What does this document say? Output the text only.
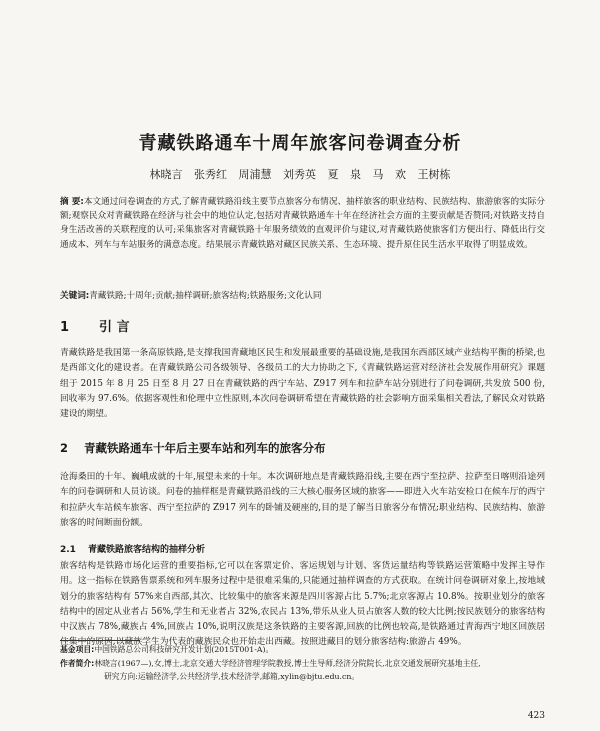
青藏铁路通车十周年旅客问卷调查分析
林晓言 张秀红 周浦慧 刘秀英 夏 泉 马 欢 王树栋
摘 要:本文通过问卷调查的方式,了解青藏铁路沿线主要节点旅客分布情况、抽样旅客的职业结构、民族结构、旅游旅客的实际分额;观察民众对青藏铁路在经济与社会中的地位认定,包括对青藏铁路通车十年在经济社会方面的主要贡献是否赞同;对铁路支持自身生活改善的关联程度的认可;采集旅客对青藏铁路十年服务绩效的直观评价与建议,对青藏铁路使旅客们方便出行、降低出行交通成本、列车与车站服务的满意态度。结果展示青藏铁路对藏区民族关系、生态环境、提升原住民生活水平取得了明显成效。
关键词:青藏铁路;十周年;贡献;抽样调研;旅客结构;铁路服务;文化认同
1 引 言
青藏铁路是我国第一条高原铁路,是支撑我国青藏地区民生和发展最重要的基础设施,是我国东西部区域产业结构平衡的桥梁,也是西部文化的建设者。在青藏铁路公司各级领导、各级员工的大力协助之下,《青藏铁路运营对经济社会发展作用研究》课题组于 2015 年 8 月 25 日至 8 月 27 日在青藏铁路的西宁车站、Z917 列车和拉萨车站分别进行了问卷调研,共发放 500 份,回收率为 97.6%。依据客观性和伦理中立性原则,本次问卷调研希望在青藏铁路的社会影响方面采集相关看法,了解民众对铁路建设的期望。
2 青藏铁路通车十年后主要车站和列车的旅客分布
沧海桑田的十年、巍峨成就的十年,展望未来的十年。本次调研地点是青藏铁路沿线,主要在西宁至拉萨、拉萨至日喀则沿途列车的问卷调研和人员访谈。问卷的抽样框是青藏铁路沿线的三大核心服务区域的旅客——即进入火车站安检口在候车厅的西宁和拉萨火车站候车旅客、西宁至拉萨的 Z917 列车的卧铺及硬座的,目的是了解当日旅客分布情况;职业结构、民族结构、旅游旅客的时间断面份额。
2.1 青藏铁路旅客结构的抽样分析
旅客结构是铁路市场化运营的重要指标,它可以在客票定价、客运规划与计划、客货运量结构等铁路运营策略中发挥主导作用。这一指标在铁路售票系统和列车服务过程中是很难采集的,只能通过抽样调查的方式获取。在统计问卷调研对象上,按地域划分的旅客结构有 57%来自西部,其次、比较集中的旅客来源是四川客源占比 5.7%;北京客源占 10.8%。按职业划分的旅客结构中的固定从业者占 56%,学生和无业者占 32%,农民占 13%,带乐从业人员占旅客人数的较大比例;按民族划分的旅客结构中汉族占 78%,藏族占 4%,回族占 10%,说明汉族是这条铁路的主要客源,回族的比例也较高,是铁路通过青海西宁地区回族居住集中的原因;以藏族学生为代表的藏族民众也开始走出西藏。按照进藏目的划分旅客结构:旅游占 49%。
基金项目:中国铁路总公司科技研究开发计划(2015T001-A)。
作者简介:林晓言(1967—),女,博士,北京交通大学经济管理学院教授,博士生导师,经济分院院长,北京交通发展研究基地主任,
研究方向:运输经济学,公共经济学,技术经济学,邮箱,xylin@bjtu.edu.cn。
423
